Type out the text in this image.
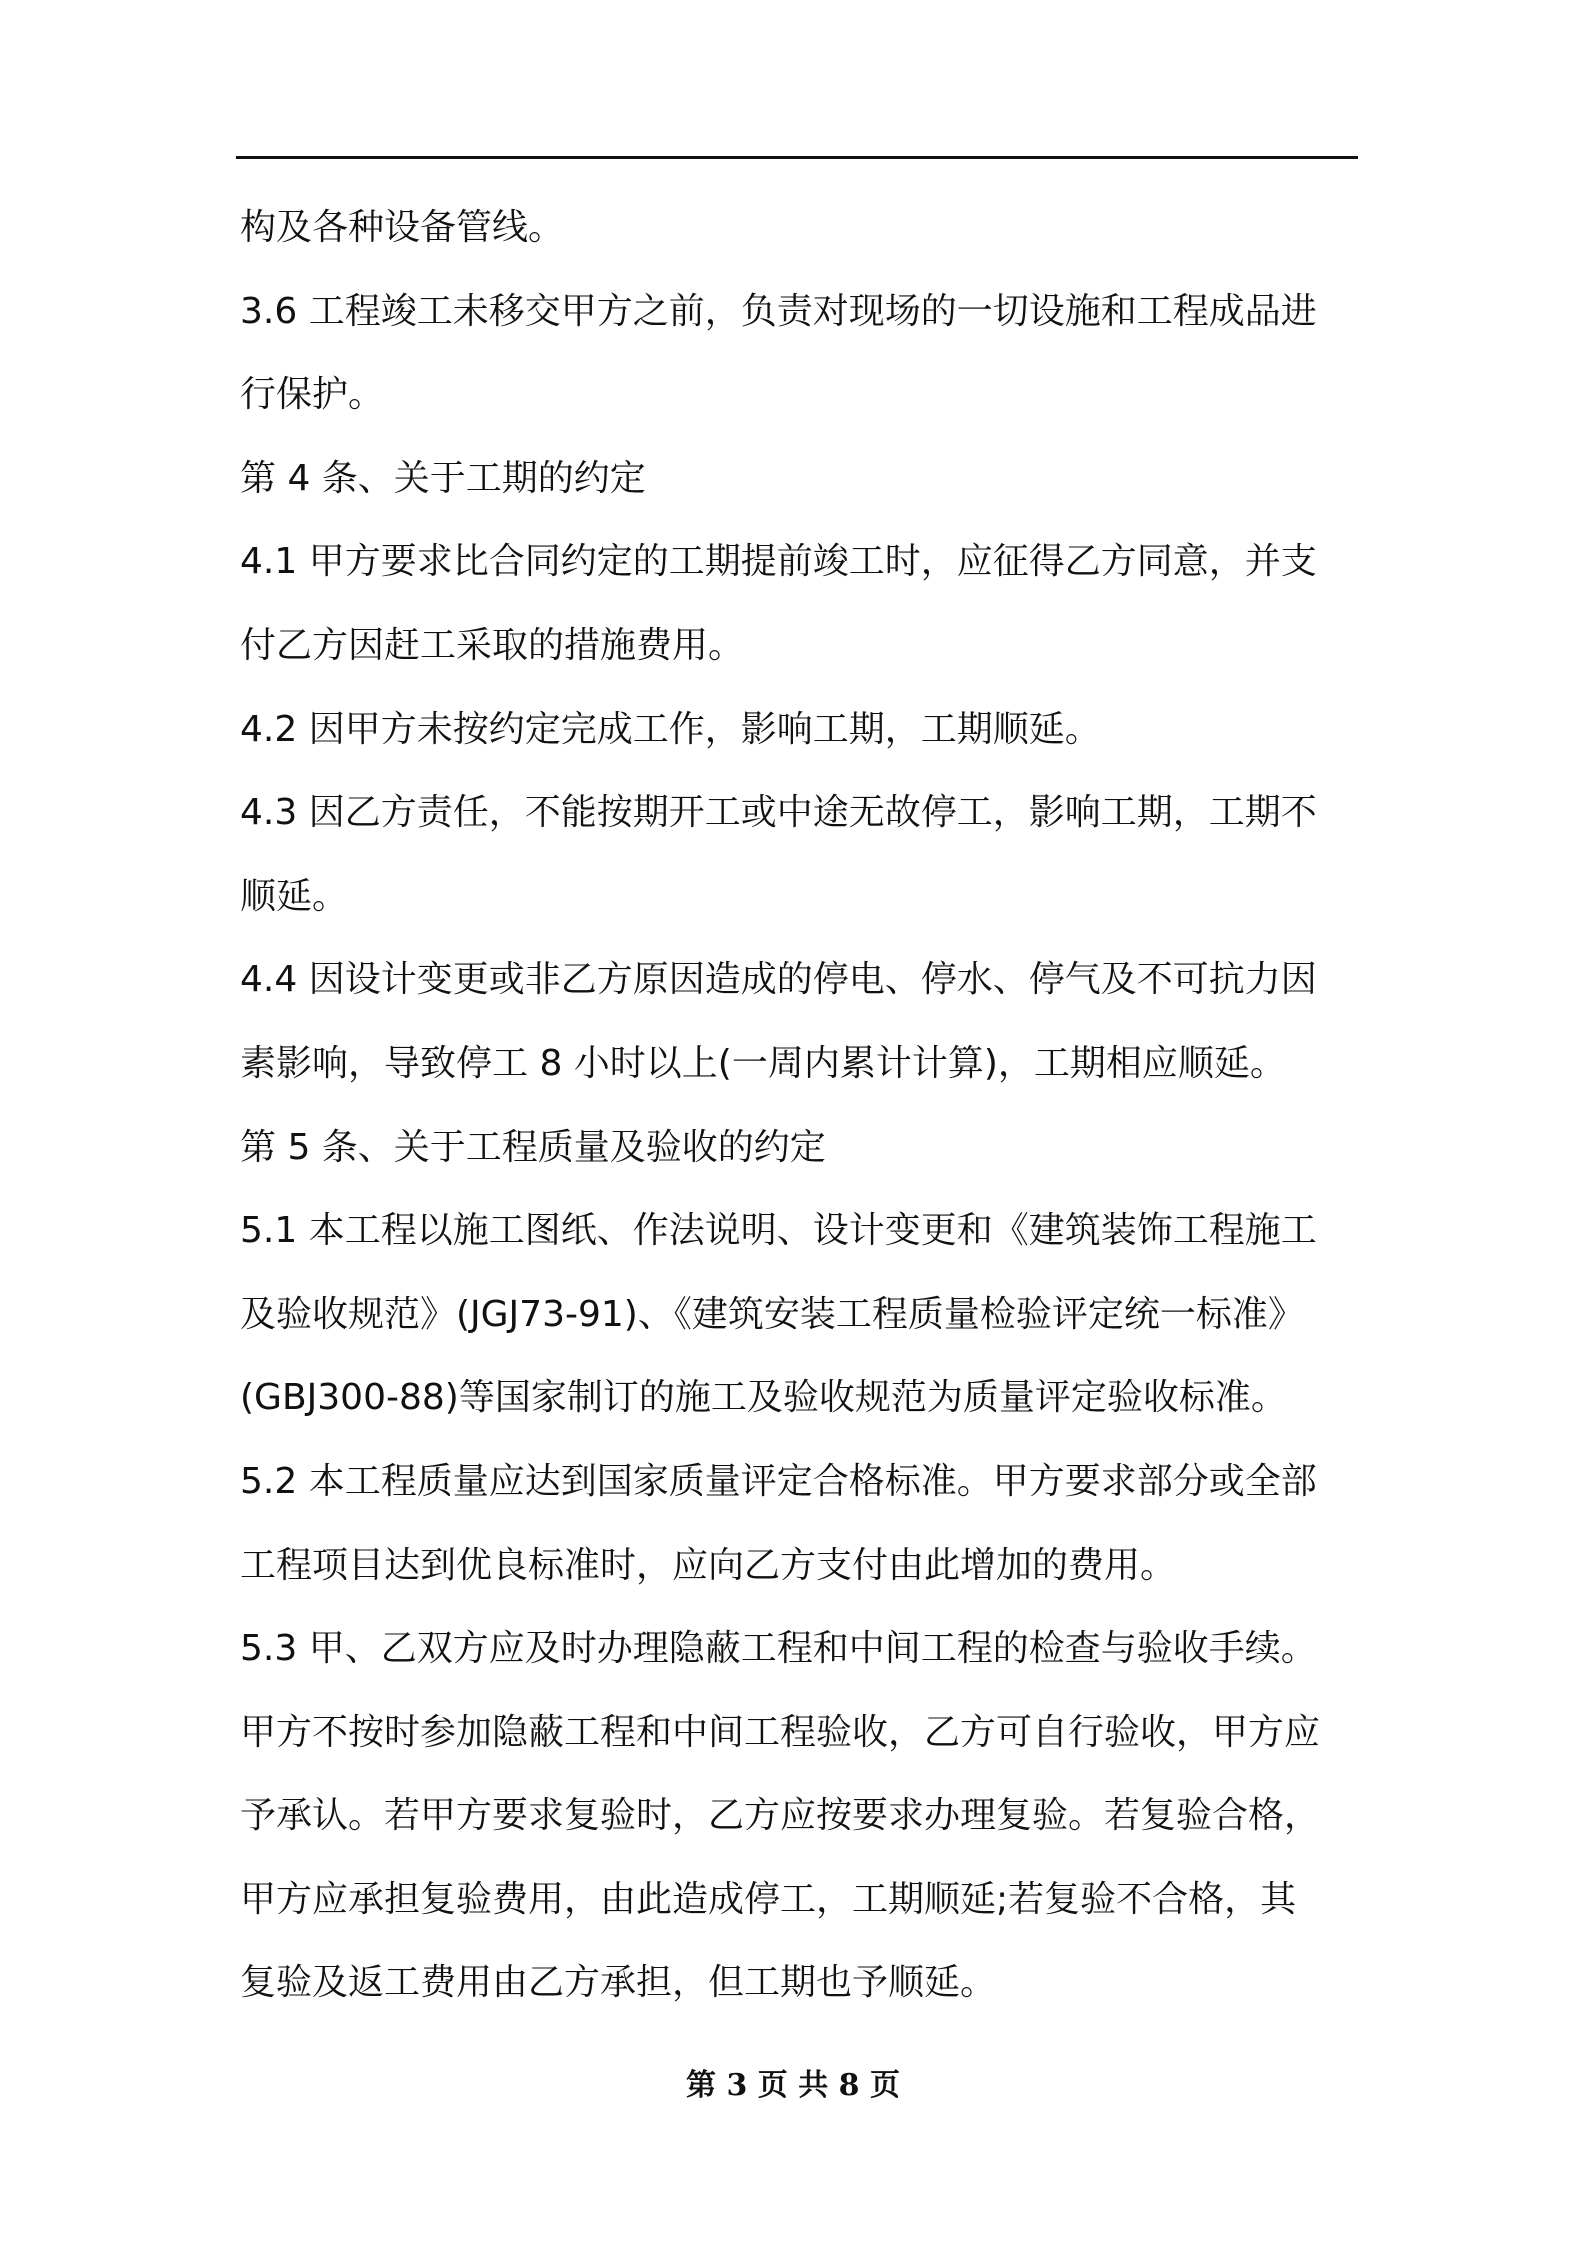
构及各种设备管线。
3.6 工程竣工未移交甲方之前，负责对现场的一切设施和工程成品进
行保护。
第 4 条、关于工期的约定
4.1 甲方要求比合同约定的工期提前竣工时，应征得乙方同意，并支
付乙方因赶工采取的措施费用。
4.2 因甲方未按约定完成工作，影响工期，工期顺延。
4.3 因乙方责任，不能按期开工或中途无故停工，影响工期，工期不
顺延。
4.4 因设计变更或非乙方原因造成的停电、停水、停气及不可抗力因
素影响，导致停工 8 小时以上(一周内累计计算)，工期相应顺延。
第 5 条、关于工程质量及验收的约定
5.1 本工程以施工图纸、作法说明、设计变更和《建筑装饰工程施工
及验收规范》(JGJ73-91)、《建筑安装工程质量检验评定统一标准》
(GBJ300-88)等国家制订的施工及验收规范为质量评定验收标准。
5.2 本工程质量应达到国家质量评定合格标准。甲方要求部分或全部
工程项目达到优良标准时，应向乙方支付由此增加的费用。
5.3 甲、乙双方应及时办理隐蔽工程和中间工程的检查与验收手续。
甲方不按时参加隐蔽工程和中间工程验收，乙方可自行验收，甲方应
予承认。若甲方要求复验时，乙方应按要求办理复验。若复验合格，
甲方应承担复验费用，由此造成停工，工期顺延;若复验不合格，其
复验及返工费用由乙方承担，但工期也予顺延。
第 3 页 共 8 页
